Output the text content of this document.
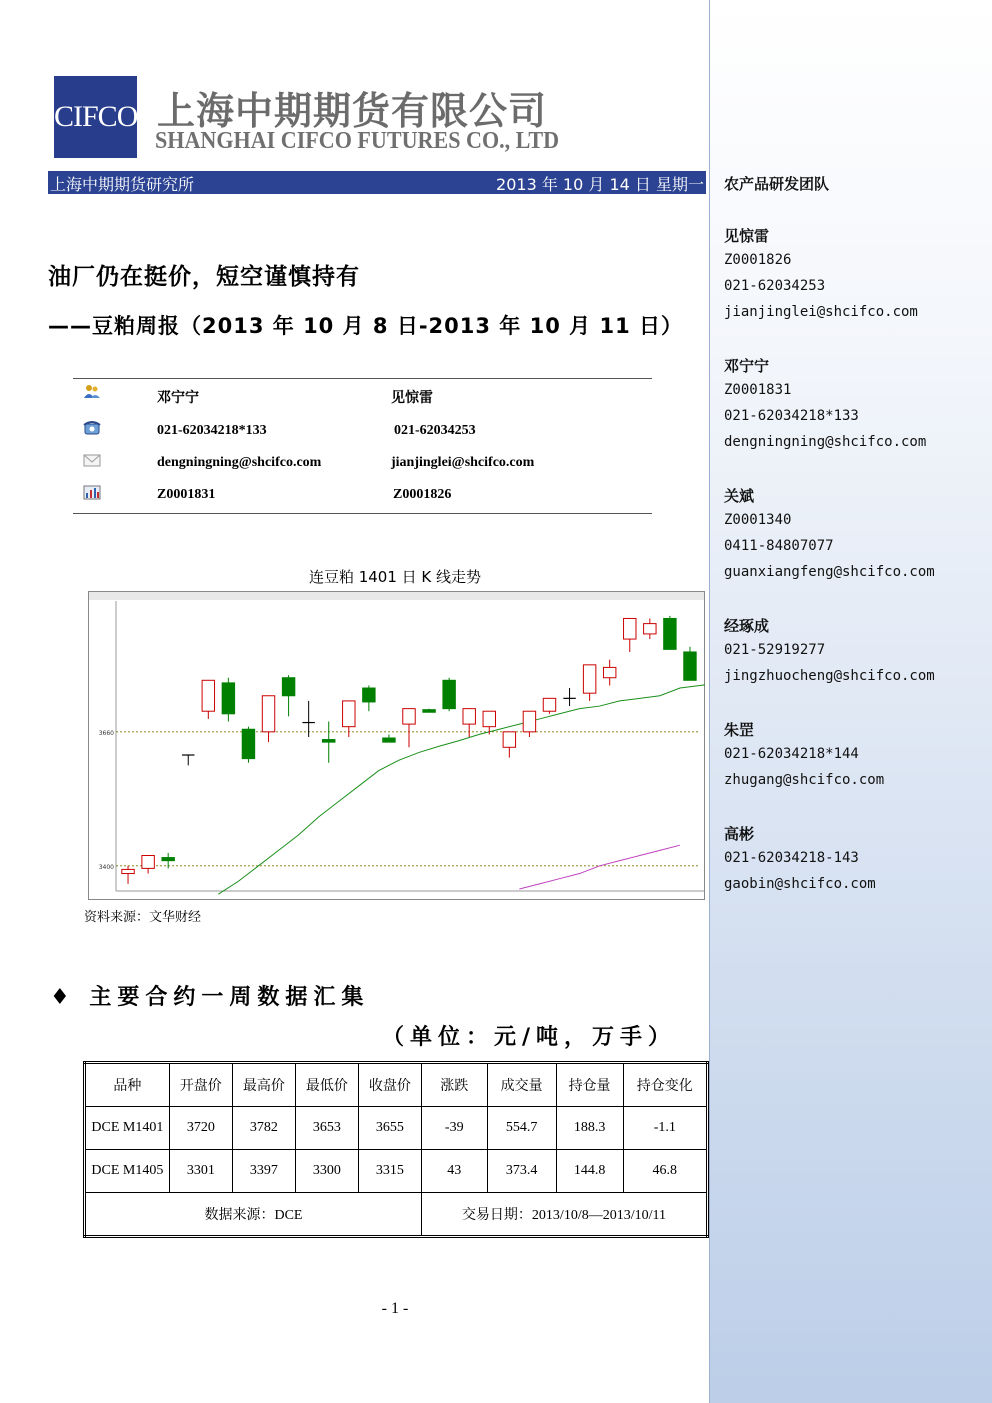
农产品研发团队
见惊雷
Z0001826
021-62034253
jianjinglei@shcifco.com
邓宁宁
Z0001831
021-62034218*133
dengningning@shcifco.com
关斌
Z0001340
0411-84807077
guanxiangfeng@shcifco.com
经琢成
021-52919277
jingzhuocheng@shcifco.com
朱罡
021-62034218*144
zhugang@shcifco.com
高彬
021-62034218-143
gaobin@shcifco.com
CIFCO 上海中期期货有限公司
SHANGHAI CIFCO FUTURES CO., LTD
上海中期期货研究所	2013 年 10 月 14 日 星期一
油厂仍在挺价，短空谨慎持有
——豆粕周报（2013 年 10 月 8 日-2013 年 10 月 11 日）
邓宁宁	见惊雷
021-62034218*133	021-62034253
dengningning@shcifco.com	jianjinglei@shcifco.com
Z0001831	Z0001826
连豆粕 1401 日 K 线走势
3400
3660
资料来源：文华财经
♦ 主要合约一周数据汇集
（单位：元/吨，万手）
品种	开盘价	最高价	最低价	收盘价	涨跌	成交量	持仓量	持仓变化
DCE M1401	3720	3782	3653	3655	-39	554.7	188.3	-1.1
DCE M1405	3301	3397	3300	3315	43	373.4	144.8	46.8
数据来源：DCE					交易日期：2013/10/8—2013/10/11			
- 1 -
